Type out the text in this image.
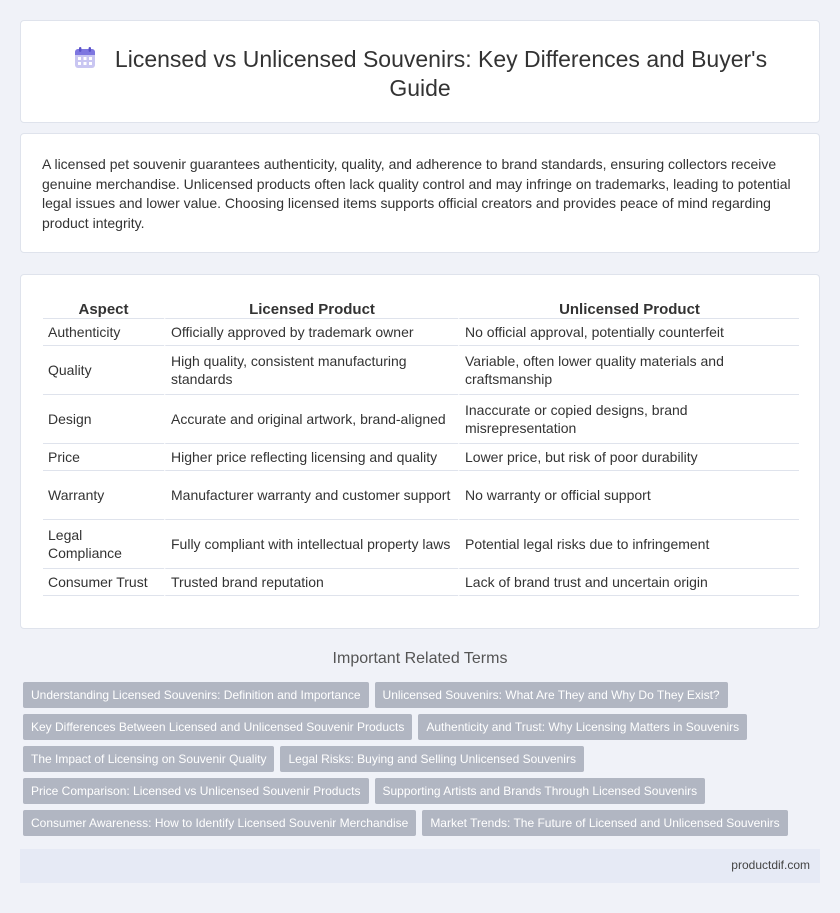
Licensed vs Unlicensed Souvenirs: Key Differences and Buyer's Guide

A licensed pet souvenir guarantees authenticity, quality, and adherence to brand standards, ensuring collectors receive genuine merchandise. Unlicensed products often lack quality control and may infringe on trademarks, leading to potential legal issues and lower value. Choosing licensed items supports official creators and provides peace of mind regarding product integrity.

Aspect	Licensed Product	Unlicensed Product
Authenticity	Officially approved by trademark owner	No official approval, potentially counterfeit
Quality	High quality, consistent manufacturing standards	Variable, often lower quality materials and craftsmanship
Design	Accurate and original artwork, brand-aligned	Inaccurate or copied designs, brand misrepresentation
Price	Higher price reflecting licensing and quality	Lower price, but risk of poor durability
Warranty	Manufacturer warranty and customer support	No warranty or official support
Legal Compliance	Fully compliant with intellectual property laws	Potential legal risks due to infringement
Consumer Trust	Trusted brand reputation	Lack of brand trust and uncertain origin
Important Related Terms
Understanding Licensed Souvenirs: Definition and Importance Unlicensed Souvenirs: What Are They and Why Do They Exist?
Key Differences Between Licensed and Unlicensed Souvenir Products Authenticity and Trust: Why Licensing Matters in Souvenirs
The Impact of Licensing on Souvenir Quality Legal Risks: Buying and Selling Unlicensed Souvenirs
Price Comparison: Licensed vs Unlicensed Souvenir Products Supporting Artists and Brands Through Licensed Souvenirs
Consumer Awareness: How to Identify Licensed Souvenir Merchandise Market Trends: The Future of Licensed and Unlicensed Souvenirs
productdif.com
